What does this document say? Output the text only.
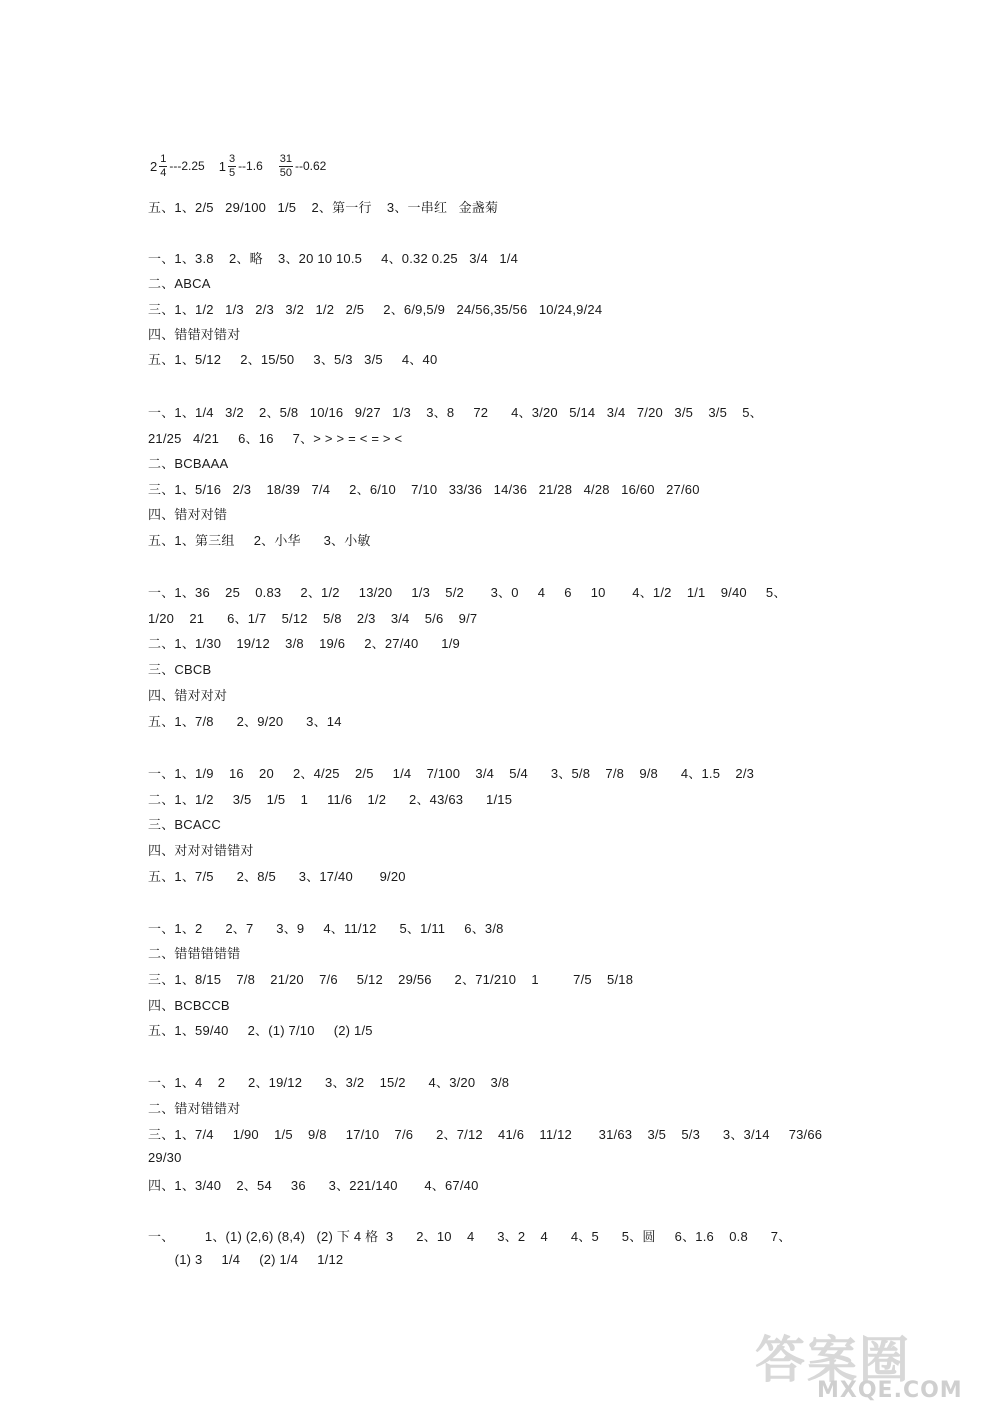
$2 \frac{1}{4} ---2.25$ $1 \frac{3}{5} --1.6 \frac{31}{50} --0.62$
五、1、2/5   29/100   1/5    2、第一行    3、一串红   金盏菊
一、1、3.8    2、略    3、20 10 10.5     4、0.32 0.25   3/4   1/4
二、ABCA
三、1、1/2   1/3   2/3   3/2   1/2   2/5     2、6/9,5/9   24/56,35/56   10/24,9/24
四、错错对错对
五、1、5/12     2、15/50     3、5/3   3/5     4、40
一、1、1/4   3/2    2、5/8   10/16   9/27   1/3    3、8     72      4、3/20   5/14   3/4   7/20   3/5    3/5    5、
21/25   4/21     6、16     7、> > > = < = > <
二、BCBAAA
三、1、5/16   2/3    18/39   7/4     2、6/10    7/10   33/36   14/36   21/28   4/28   16/60   27/60
四、错对对错
五、1、第三组     2、小华      3、小敏
一、1、36    25    0.83     2、1/2     13/20     1/3    5/2       3、0     4     6     10       4、1/2    1/1    9/40     5、
1/20    21      6、1/7    5/12    5/8    2/3    3/4    5/6    9/7
二、1、1/30    19/12    3/8    19/6     2、27/40      1/9
三、CBCB
四、错对对对
五、1、7/8      2、9/20      3、14
一、1、1/9    16    20     2、4/25    2/5     1/4    7/100    3/4    5/4      3、5/8    7/8    9/8      4、1.5    2/3
二、1、1/2     3/5    1/5    1     11/6    1/2      2、43/63      1/15
三、BCACC
四、对对对错错对
五、1、7/5      2、8/5      3、17/40       9/20
一、1、2      2、7      3、9     4、11/12      5、1/11     6、3/8
二、错错错错错
三、1、8/15    7/8    21/20    7/6     5/12    29/56      2、71/210    1         7/5    5/18
四、BCBCCB
五、1、59/40     2、(1) 7/10     (2) 1/5
一、1、4    2      2、19/12      3、3/2    15/2      4、3/20    3/8
二、错对错错对
三、1、7/4     1/90    1/5    9/8     17/10    7/6      2、7/12    41/6    11/12       31/63    3/5    5/3      3、3/14     73/66
29/30
四、1、3/40    2、54     36      3、221/140       4、67/40
一、        1、(1) (2,6) (8,4)   (2) 下 4 格  3      2、10    4      3、2    4      4、5      5、圆     6、1.6    0.8      7、
(1) 3     1/4     (2) 1/4     1/12
答案圈
MXQE.COM
